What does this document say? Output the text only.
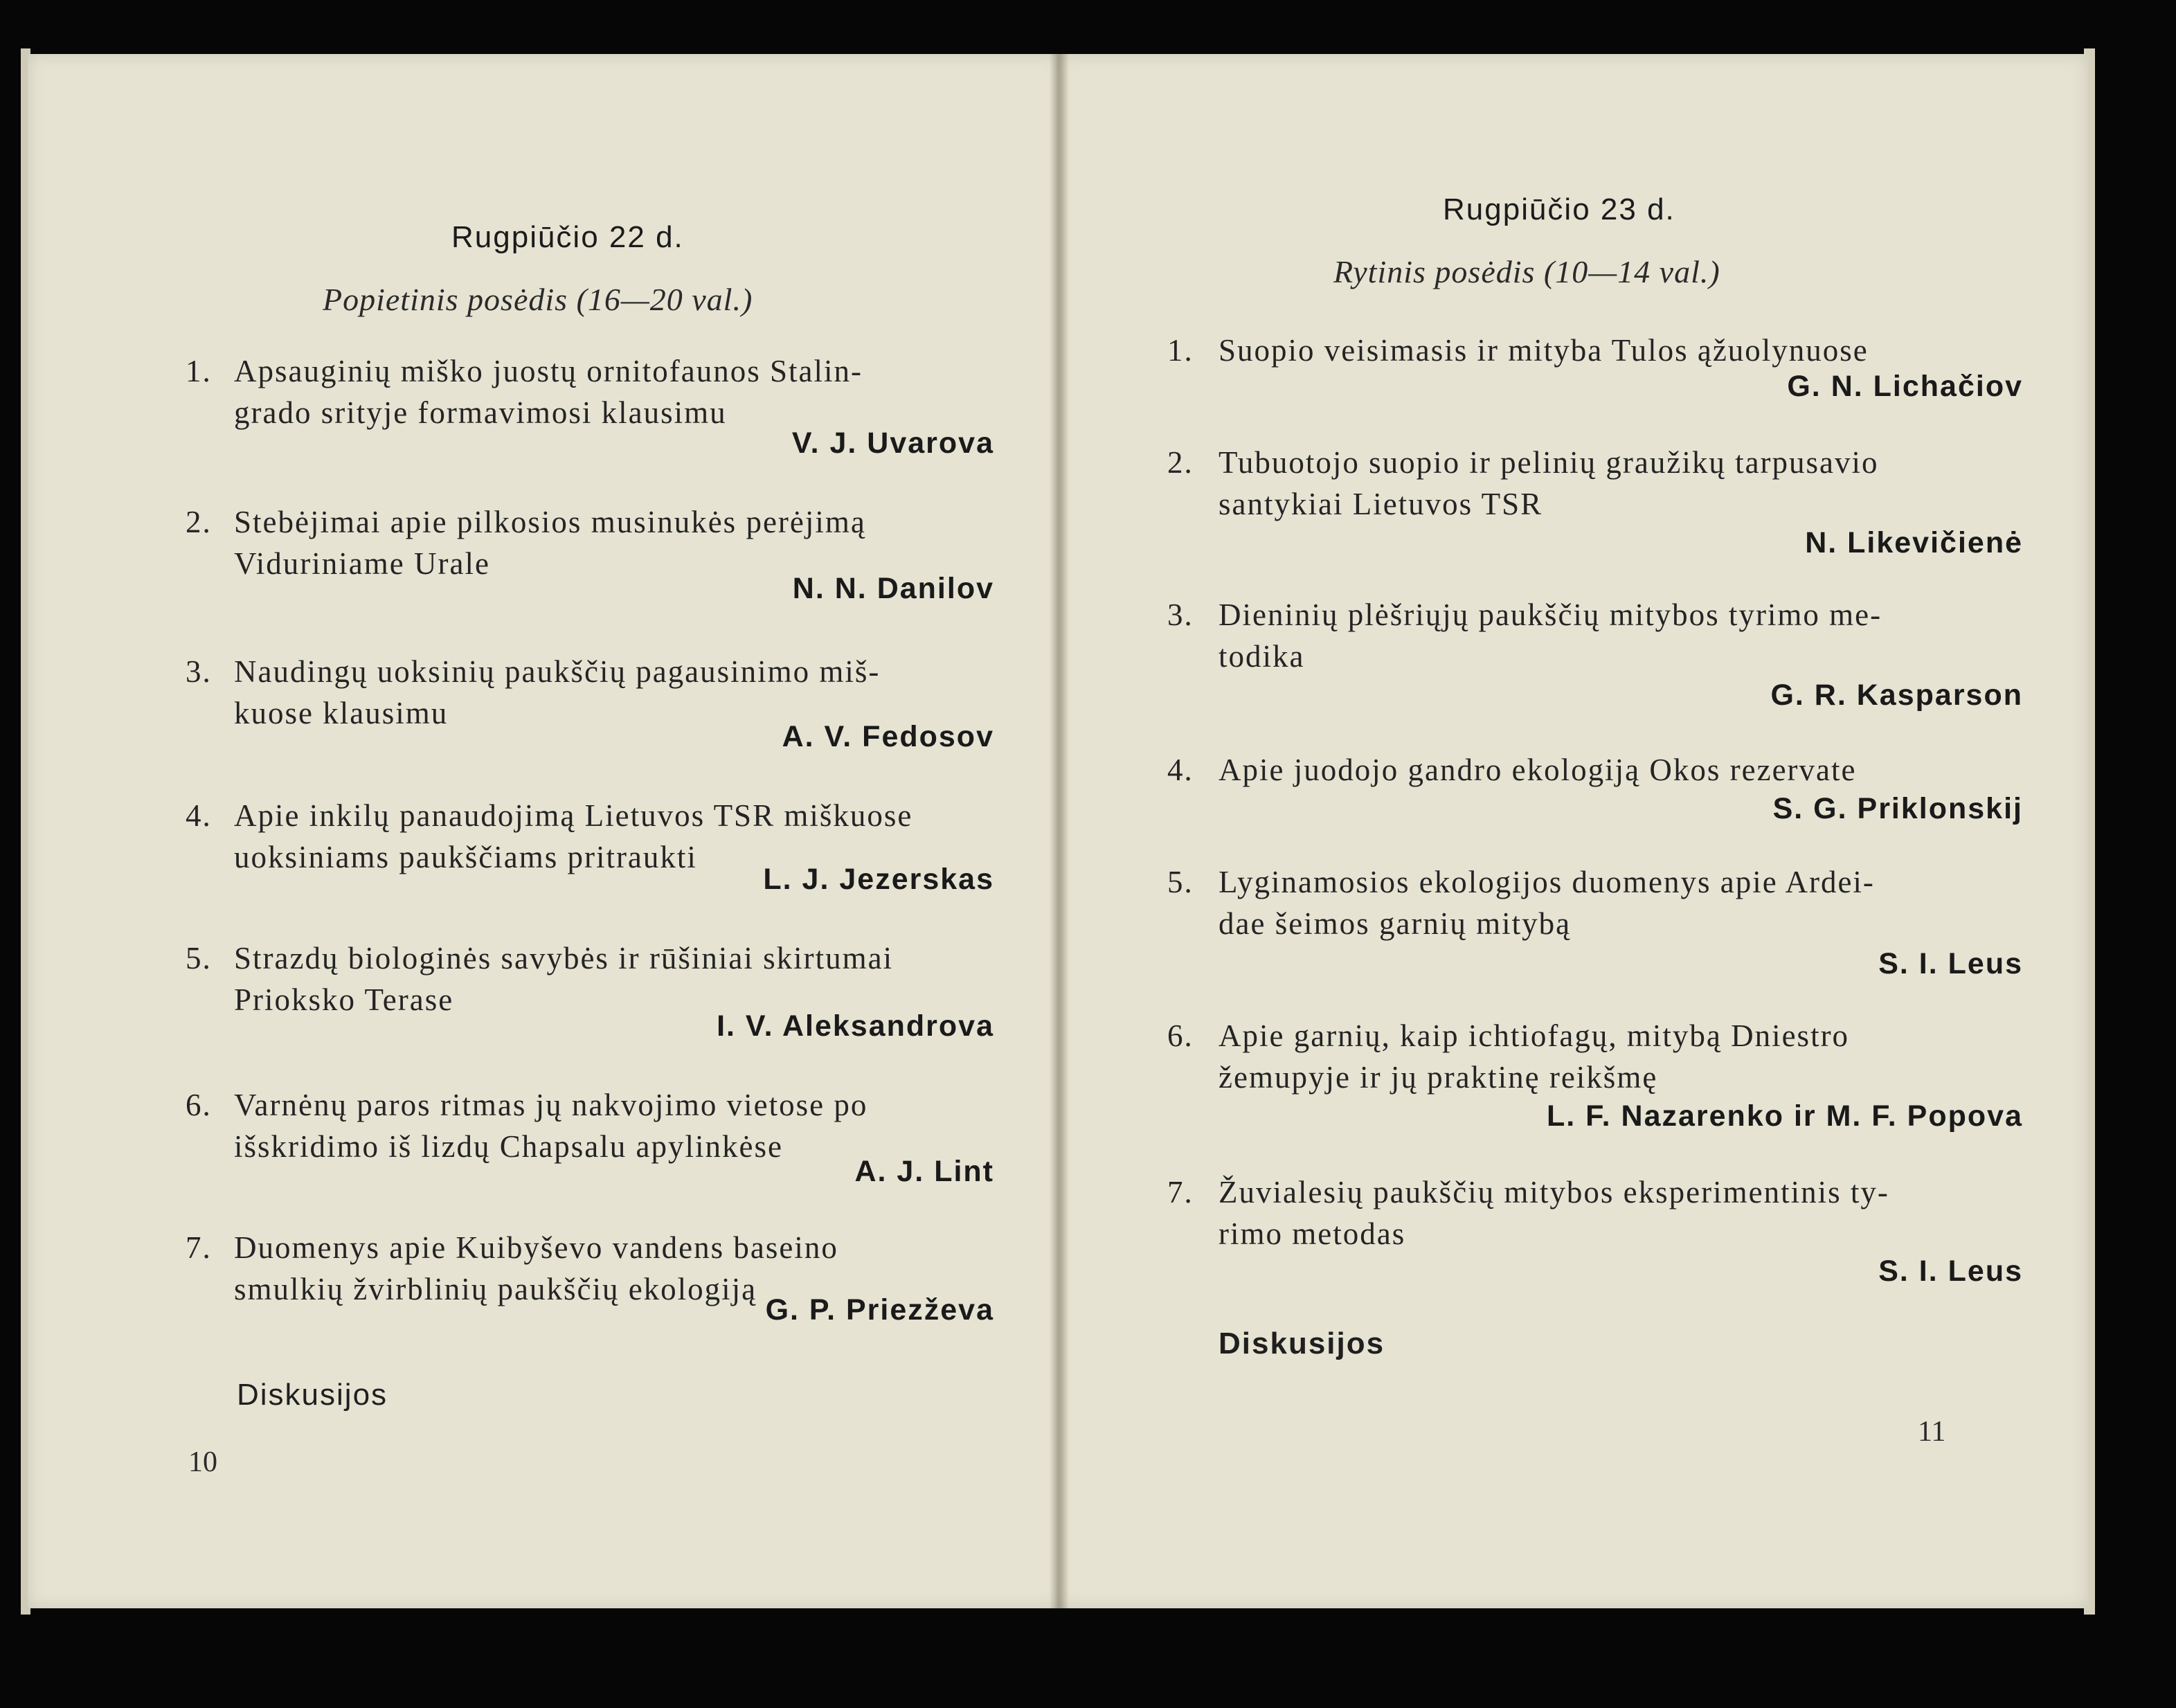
Rugpiūčio 22 d.
Popietinis posėdis (16—20 val.)
1. Apsauginių miško juostų ornitofaunos Stalin-
grado srityje formavimosi klausimu
V. J. Uvarova
2. Stebėjimai apie pilkosios musinukės perėjimą
Viduriniame Urale
N. N. Danilov
3. Naudingų uoksinių paukščių pagausinimo miš-
kuose klausimu
A. V. Fedosov
4. Apie inkilų panaudojimą Lietuvos TSR miškuose
uoksiniams paukščiams pritraukti
L. J. Jezerskas
5. Strazdų biologinės savybės ir rūšiniai skirtumai
Prioksko Terase
I. V. Aleksandrova
6. Varnėnų paros ritmas jų nakvojimo vietose po
išskridimo iš lizdų Chapsalu apylinkėse
A. J. Lint
7. Duomenys apie Kuibyševo vandens baseino
smulkių žvirblinių paukščių ekologiją
G. P. Priezževa
Diskusijos
10
Rugpiūčio 23 d.
Rytinis posėdis (10—14 val.)
1. Suopio veisimasis ir mityba Tulos ąžuolynuose
G. N. Lichačiov
2. Tubuotojo suopio ir pelinių graužikų tarpusavio
santykiai Lietuvos TSR
N. Likevičienė
3. Dieninių plėšriųjų paukščių mitybos tyrimo me-
todika
G. R. Kasparson
4. Apie juodojo gandro ekologiją Okos rezervate
S. G. Priklonskij
5. Lyginamosios ekologijos duomenys apie Ardei-
dae šeimos garnių mitybą
S. I. Leus
6. Apie garnių, kaip ichtiofagų, mitybą Dniestro
žemupyje ir jų praktinę reikšmę
L. F. Nazarenko ir M. F. Popova
7. Žuvialesių paukščių mitybos eksperimentinis ty-
rimo metodas
S. I. Leus
Diskusijos
11
